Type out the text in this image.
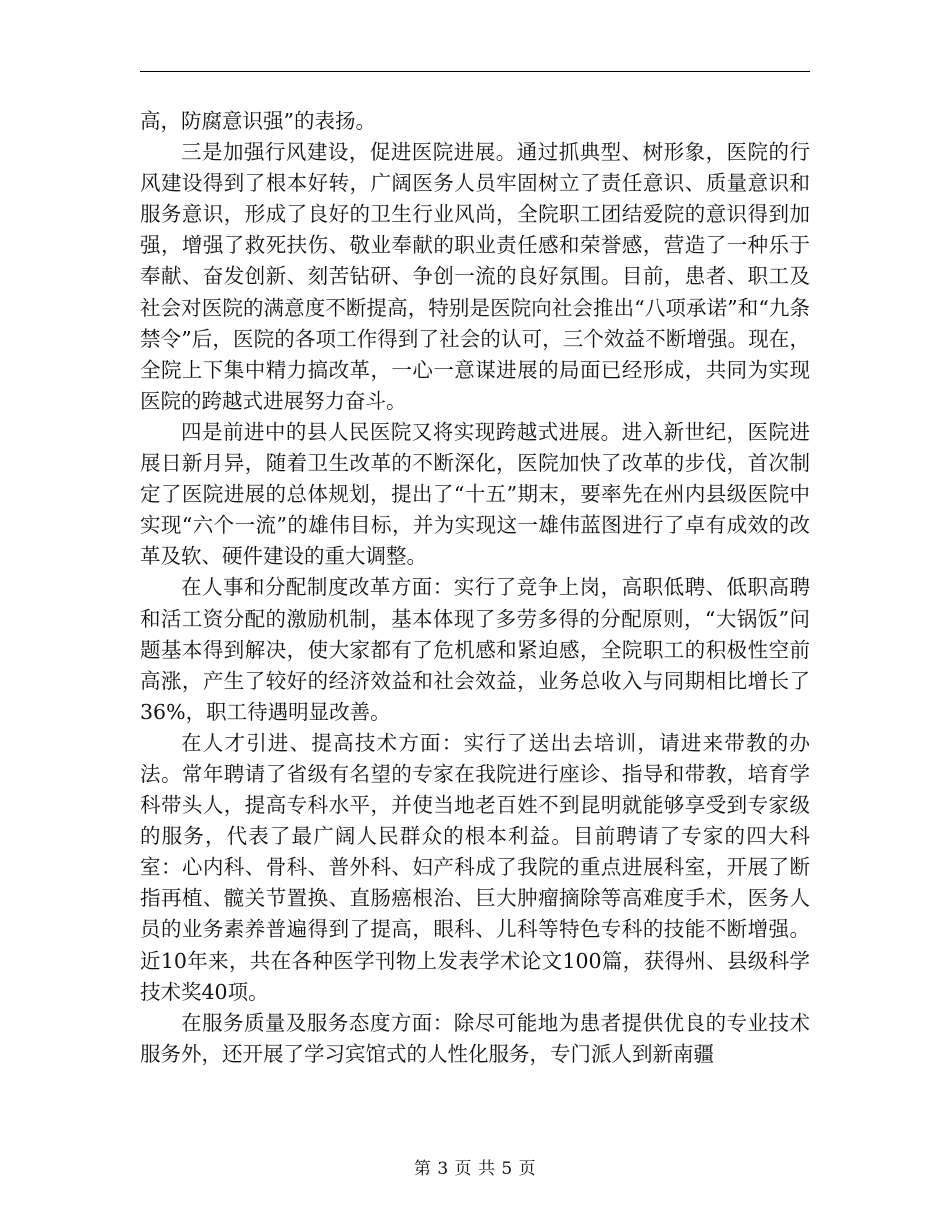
高，防腐意识强”的表扬。

三是加强行风建设，促进医院进展。通过抓典型、树形象，医院的行风建设得到了根本好转，广阔医务人员牢固树立了责任意识、质量意识和服务意识，形成了良好的卫生行业风尚，全院职工团结爱院的意识得到加强，增强了救死扶伤、敬业奉献的职业责任感和荣誉感，营造了一种乐于奉献、奋发创新、刻苦钻研、争创一流的良好氛围。目前，患者、职工及社会对医院的满意度不断提高，特别是医院向社会推出“八项承诺”和“九条禁令”后，医院的各项工作得到了社会的认可，三个效益不断增强。现在，全院上下集中精力搞改革，一心一意谋进展的局面已经形成，共同为实现医院的跨越式进展努力奋斗。

四是前进中的县人民医院又将实现跨越式进展。进入新世纪，医院进展日新月异，随着卫生改革的不断深化，医院加快了改革的步伐，首次制定了医院进展的总体规划，提出了“十五”期末，要率先在州内县级医院中实现“六个一流”的雄伟目标，并为实现这一雄伟蓝图进行了卓有成效的改革及软、硬件建设的重大调整。

在人事和分配制度改革方面：实行了竞争上岗，高职低聘、低职高聘和活工资分配的激励机制，基本体现了多劳多得的分配原则，“大锅饭”问题基本得到解决，使大家都有了危机感和紧迫感，全院职工的积极性空前高涨，产生了较好的经济效益和社会效益，业务总收入与同期相比增长了36%，职工待遇明显改善。

在人才引进、提高技术方面：实行了送出去培训，请进来带教的办法。常年聘请了省级有名望的专家在我院进行座诊、指导和带教，培育学科带头人，提高专科水平，并使当地老百姓不到昆明就能够享受到专家级的服务，代表了最广阔人民群众的根本利益。目前聘请了专家的四大科室：心内科、骨科、普外科、妇产科成了我院的重点进展科室，开展了断指再植、髋关节置换、直肠癌根治、巨大肿瘤摘除等高难度手术，医务人员的业务素养普遍得到了提高，眼科、儿科等特色专科的技能不断增强。近10年来，共在各种医学刊物上发表学术论文100篇，获得州、县级科学技术奖40项。

在服务质量及服务态度方面：除尽可能地为患者提供优良的专业技术服务外，还开展了学习宾馆式的人性化服务，专门派人到新南疆

第 3 页 共 5 页
